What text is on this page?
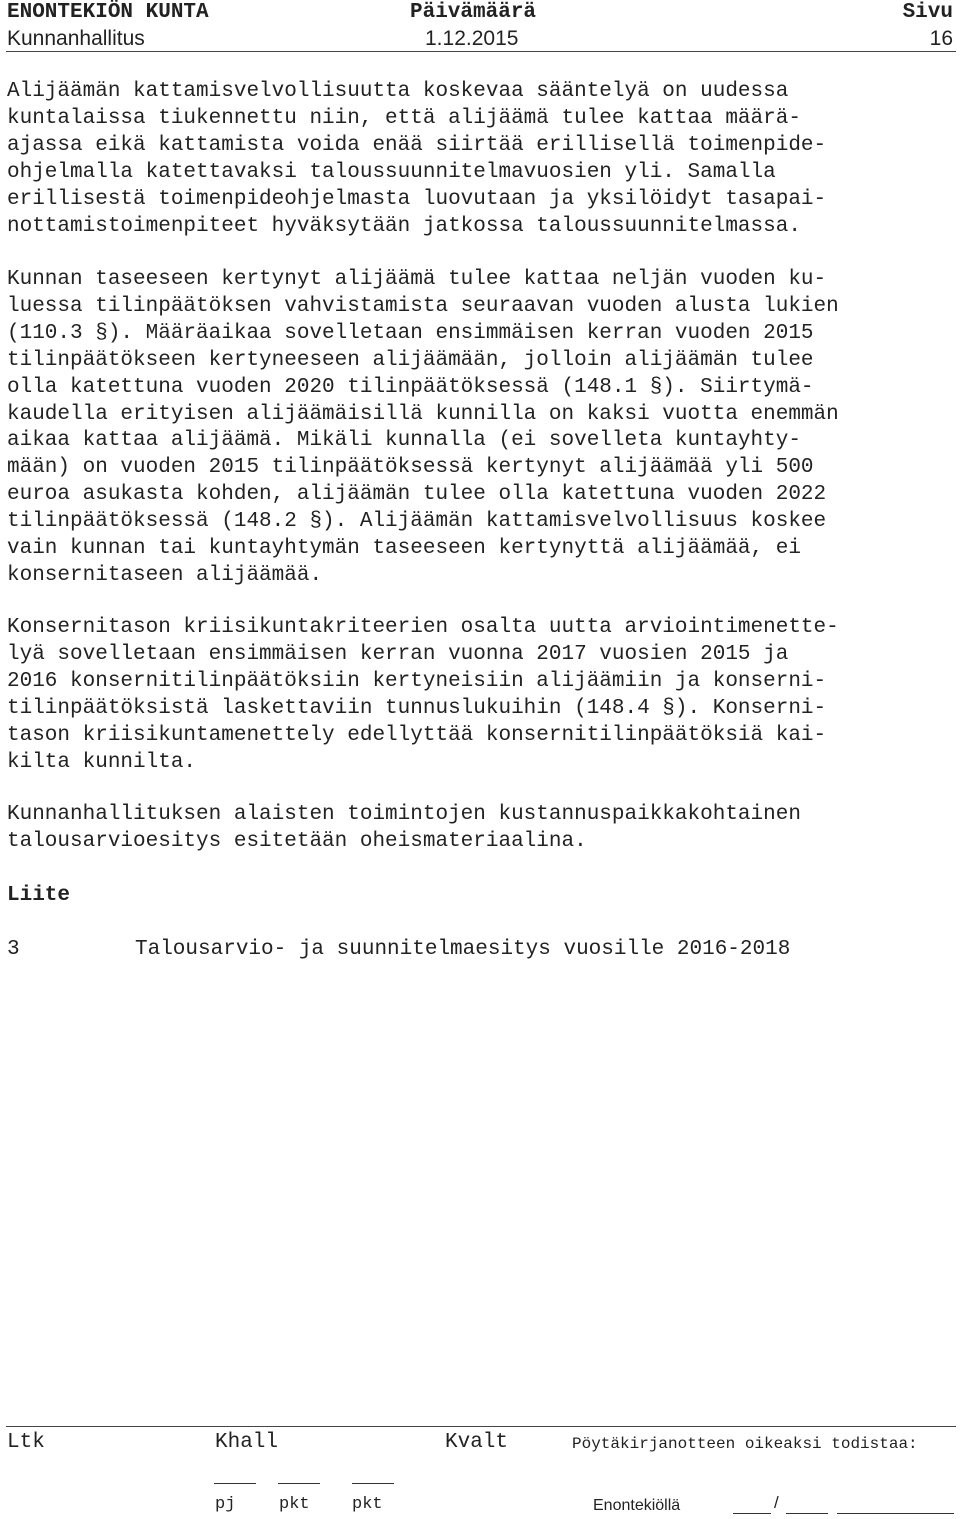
ENONTEKIÖN KUNTA	Päivämäärä	Sivu
Kunnanhallitus	1.12.2015	16

Alijäämän kattamisvelvollisuutta koskevaa sääntelyä on uudessa
kuntalaissa tiukennettu niin, että alijäämä tulee kattaa määrä-
ajassa eikä kattamista voida enää siirtää erillisellä toimenpide-
ohjelmalla katettavaksi taloussuunnitelmavuosien yli. Samalla
erillisestä toimenpideohjelmasta luovutaan ja yksilöidyt tasapai-
nottamistoimenpiteet hyväksytään jatkossa taloussuunnitelmassa.

Kunnan taseeseen kertynyt alijäämä tulee kattaa neljän vuoden ku-
luessa tilinpäätöksen vahvistamista seuraavan vuoden alusta lukien
(110.3 §). Määräaikaa sovelletaan ensimmäisen kerran vuoden 2015
tilinpäätökseen kertyneeseen alijäämään, jolloin alijäämän tulee
olla katettuna vuoden 2020 tilinpäätöksessä (148.1 §). Siirtymä-
kaudella erityisen alijäämäisillä kunnilla on kaksi vuotta enemmän
aikaa kattaa alijäämä. Mikäli kunnalla (ei sovelleta kuntayhty-
mään) on vuoden 2015 tilinpäätöksessä kertynyt alijäämää yli 500
euroa asukasta kohden, alijäämän tulee olla katettuna vuoden 2022
tilinpäätöksessä (148.2 §). Alijäämän kattamisvelvollisuus koskee
vain kunnan tai kuntayhtymän taseeseen kertynyttä alijäämää, ei
konsernitaseen alijäämää.

Konsernitason kriisikuntakriteerien osalta uutta arviointimenette-
lyä sovelletaan ensimmäisen kerran vuonna 2017 vuosien 2015 ja
2016 konsernitilinpäätöksiin kertyneisiin alijäämiin ja konserni-
tilinpäätöksistä laskettaviin tunnuslukuihin (148.4 §). Konserni-
tason kriisikuntamenettely edellyttää konsernitilinpäätöksiä kai-
kilta kunnilta.

Kunnanhallituksen alaisten toimintojen kustannuspaikkakohtainen
talousarvioesitys esitetään oheismateriaalina.

Liite
3	Talousarvio- ja suunnitelmaesitys vuosille 2016-2018
Ltk	Khall	Kvalt	Pöytäkirjanotteen oikeaksi todistaa:
pj	pkt pkt	Enontekiöllä	/
